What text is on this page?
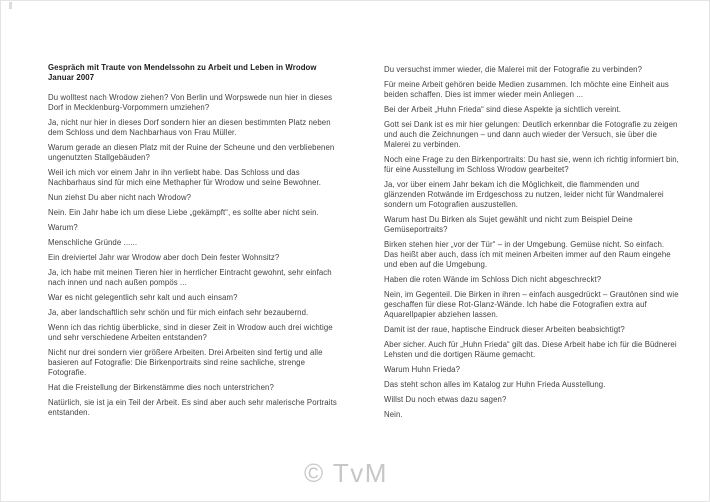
Gespräch mit Traute von Mendelssohn zu Arbeit und Leben in Wrodow
Januar 2007

Du wolltest nach Wrodow ziehen? Von Berlin und Worpswede nun hier in dieses Dorf in Mecklenburg-Vorpommern umziehen?

Ja, nicht nur hier in dieses Dorf sondern hier an diesen bestimmten Platz neben dem Schloss und dem Nachbarhaus von Frau Müller.

Warum gerade an diesen Platz mit der Ruine der Scheune und den verbliebenen ungenutzten Stallgebäuden?

Weil ich mich vor einem Jahr in ihn verliebt habe. Das Schloss und das Nachbarhaus sind für mich eine Methapher für Wrodow und seine Bewohner.

Nun ziehst Du aber nicht nach Wrodow?

Nein. Ein Jahr habe ich um diese Liebe „gekämpft“, es sollte aber nicht sein.

Warum?

Menschliche Gründe ......

Ein dreiviertel Jahr war Wrodow aber doch Dein fester Wohnsitz?

Ja, ich habe mit meinen Tieren hier in herrlicher Eintracht gewohnt, sehr einfach nach innen und nach außen pompös ...

War es nicht gelegentlich sehr kalt und auch einsam?

Ja, aber landschaftlich sehr schön und für mich einfach sehr bezaubernd.

Wenn ich das richtig überblicke, sind in dieser Zeit in Wrodow auch drei wichtige und sehr verschiedene Arbeiten entstanden?

Nicht nur drei sondern vier größere Arbeiten. Drei Arbeiten sind fertig und alle basieren auf Fotografie: Die Birkenportraits sind reine sachliche, strenge Fotografie.

Hat die Freistellung der Birkenstämme dies noch unterstrichen?

Natürlich, sie ist ja ein Teil der Arbeit. Es sind aber auch sehr malerische Portraits entstanden.

Du versuchst immer wieder, die Malerei mit der Fotografie zu verbinden?

Für meine Arbeit gehören beide Medien zusammen. Ich möchte eine Einheit aus beiden schaffen. Dies ist immer wieder mein Anliegen ...

Bei der Arbeit „Huhn Frieda“ sind diese Aspekte ja sichtlich vereint.

Gott sei Dank ist es mir hier gelungen: Deutlich erkennbar die Fotografie zu zeigen und auch die Zeichnungen – und dann auch wieder der Versuch, sie über die Malerei zu verbinden.

Noch eine Frage zu den Birkenportraits: Du hast sie, wenn ich richtig informiert bin, für eine Ausstellung im Schloss Wrodow gearbeitet?

Ja, vor über einem Jahr bekam ich die Möglichkeit, die flammenden und glänzenden Rotwände im Erdgeschoss zu nutzen, leider nicht für Wandmalerei sondern um Fotografien auszustellen.

Warum hast Du Birken als Sujet gewählt und nicht zum Beispiel Deine Gemüseportraits?

Birken stehen hier „vor der Tür“ – in der Umgebung. Gemüse nicht. So einfach. Das heißt aber auch, dass ich mit meinen Arbeiten immer auf den Raum eingehe und eben auf die Umgebung.

Haben die roten Wände im Schloss Dich nicht abgeschreckt?

Nein, im Gegenteil. Die Birken in ihren – einfach ausgedrückt – Grautönen sind wie geschaffen für diese Rot-Glanz-Wände. Ich habe die Fotografien extra auf Aquarellpapier abziehen lassen.

Damit ist der raue, haptische Eindruck dieser Arbeiten beabsichtigt?

Aber sicher. Auch für „Huhn Frieda“ gilt das. Diese Arbeit habe ich für die Büdnerei Lehsten und die dortigen Räume gemacht.

Warum Huhn Frieda?

Das steht schon alles im Katalog zur Huhn Frieda Ausstellung.

Willst Du noch etwas dazu sagen?

Nein.

© TvM
